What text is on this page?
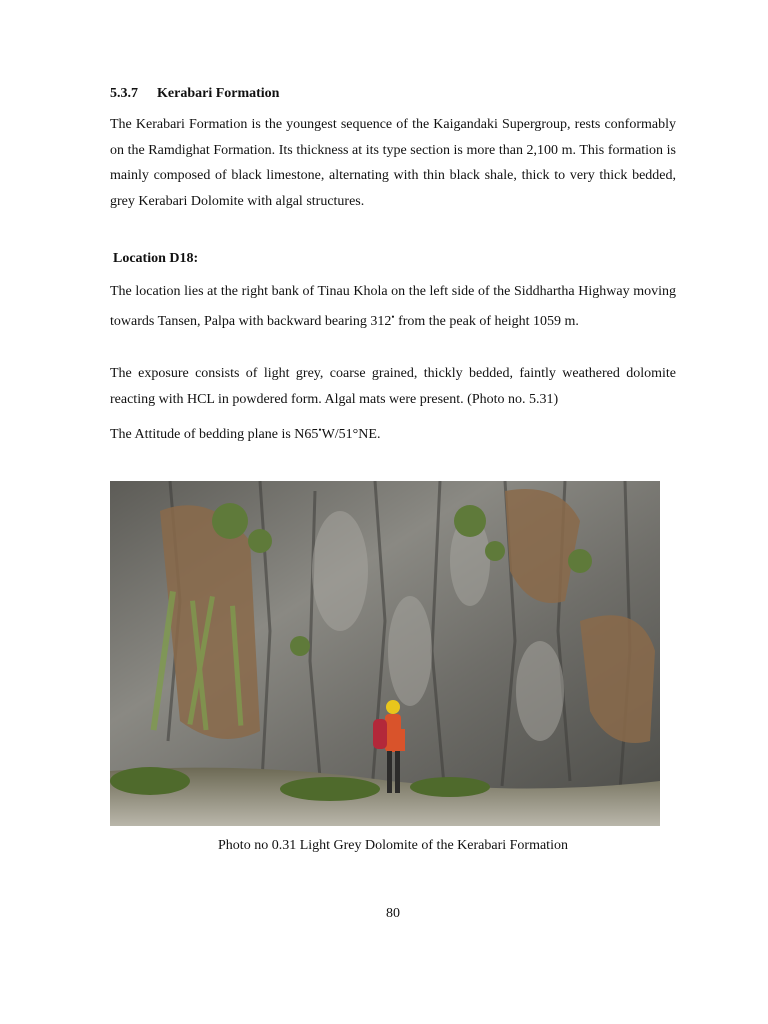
5.3.7 Kerabari Formation

The Kerabari Formation is the youngest sequence of the Kaigandaki Supergroup, rests conformably on the Ramdighat Formation. Its thickness at its type section is more than 2,100 m. This formation is mainly composed of black limestone, alternating with thin black shale, thick to very thick bedded, grey Kerabari Dolomite with algal structures.

Location D18:

The location lies at the right bank of Tinau Khola on the left side of the Siddhartha Highway moving towards Tansen, Palpa with backward bearing 312• from the peak of height 1059 m.

The exposure consists of light grey, coarse grained, thickly bedded, faintly weathered dolomite reacting with HCL in powdered form. Algal mats were present. (Photo no. 5.31)

The Attitude of bedding plane is N65•W/51°NE.

Photo no 0.31 Light Grey Dolomite of the Kerabari Formation
80
